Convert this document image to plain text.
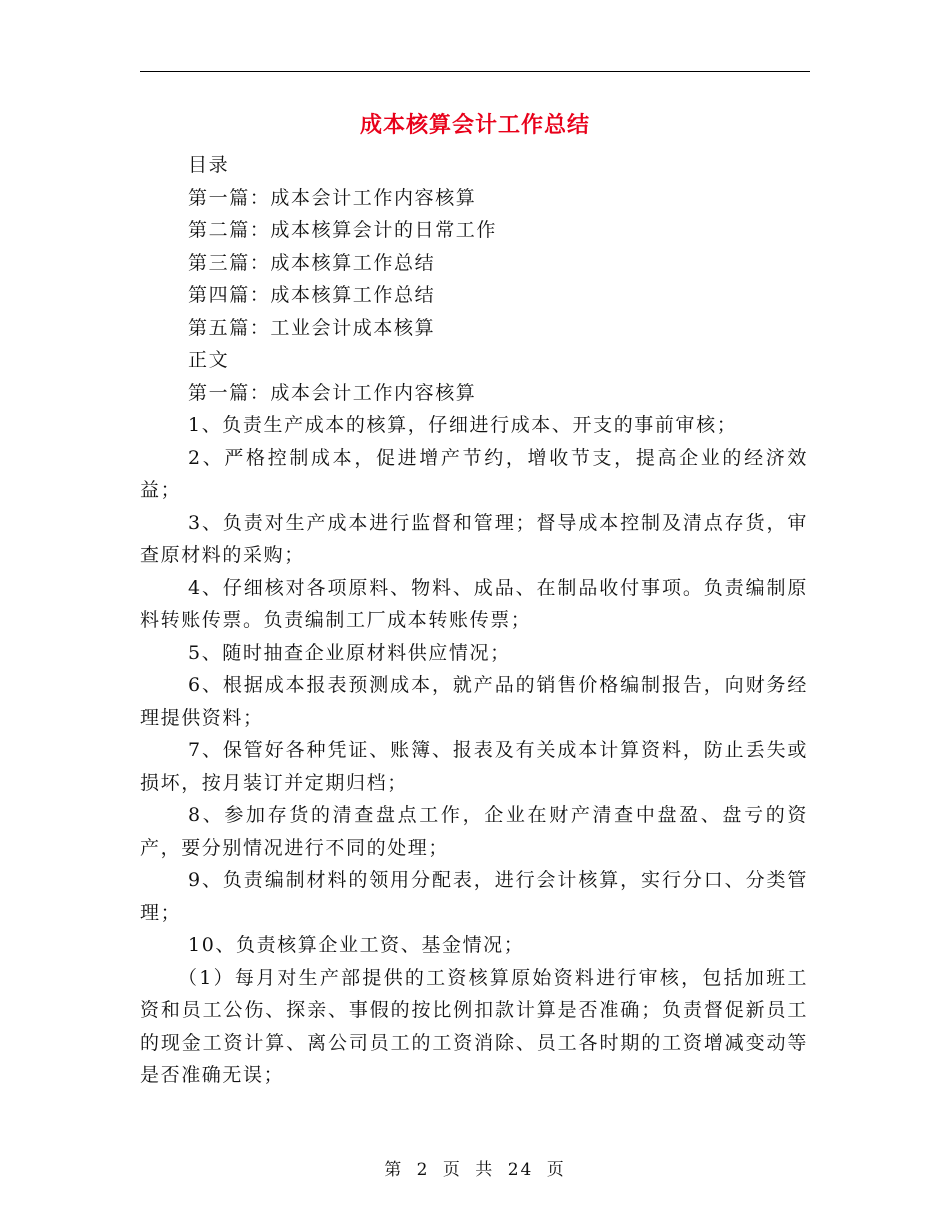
成本核算会计工作总结

目录

第一篇：成本会计工作内容核算

第二篇：成本核算会计的日常工作

第三篇：成本核算工作总结

第四篇：成本核算工作总结

第五篇：工业会计成本核算

正文

第一篇：成本会计工作内容核算

1、负责生产成本的核算，仔细进行成本、开支的事前审核；

2、严格控制成本，促进增产节约，增收节支，提高企业的经济效益；

3、负责对生产成本进行监督和管理；督导成本控制及清点存货，审查原材料的采购；

4、仔细核对各项原料、物料、成品、在制品收付事项。负责编制原料转账传票。负责编制工厂成本转账传票；

5、随时抽查企业原材料供应情况；

6、根据成本报表预测成本，就产品的销售价格编制报告，向财务经理提供资料；

7、保管好各种凭证、账簿、报表及有关成本计算资料，防止丢失或损坏，按月装订并定期归档；

8、参加存货的清查盘点工作，企业在财产清查中盘盈、盘亏的资产，要分别情况进行不同的处理；

9、负责编制材料的领用分配表，进行会计核算，实行分口、分类管理；

10、负责核算企业工资、基金情况；

（1）每月对生产部提供的工资核算原始资料进行审核，包括加班工资和员工公伤、探亲、事假的按比例扣款计算是否准确；负责督促新员工的现金工资计算、离公司员工的工资消除、员工各时期的工资增减变动等是否准确无误；

第 2 页 共 24 页
